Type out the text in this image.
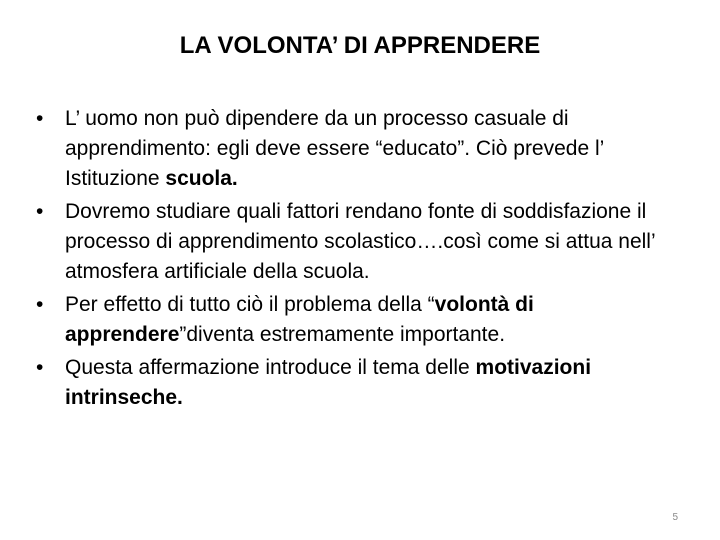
LA VOLONTA’ DI APPRENDERE
• L’ uomo non può dipendere da un processo casuale di apprendimento: egli deve essere “educato”. Ciò prevede l’ Istituzione scuola.
• Dovremo studiare quali fattori rendano fonte di soddisfazione il processo di apprendimento scolastico….così come si attua nell’ atmosfera artificiale della scuola.
• Per effetto di tutto ciò il problema della “volontà di apprendere”diventa estremamente importante.
• Questa affermazione introduce il tema delle motivazioni intrinseche.
5
